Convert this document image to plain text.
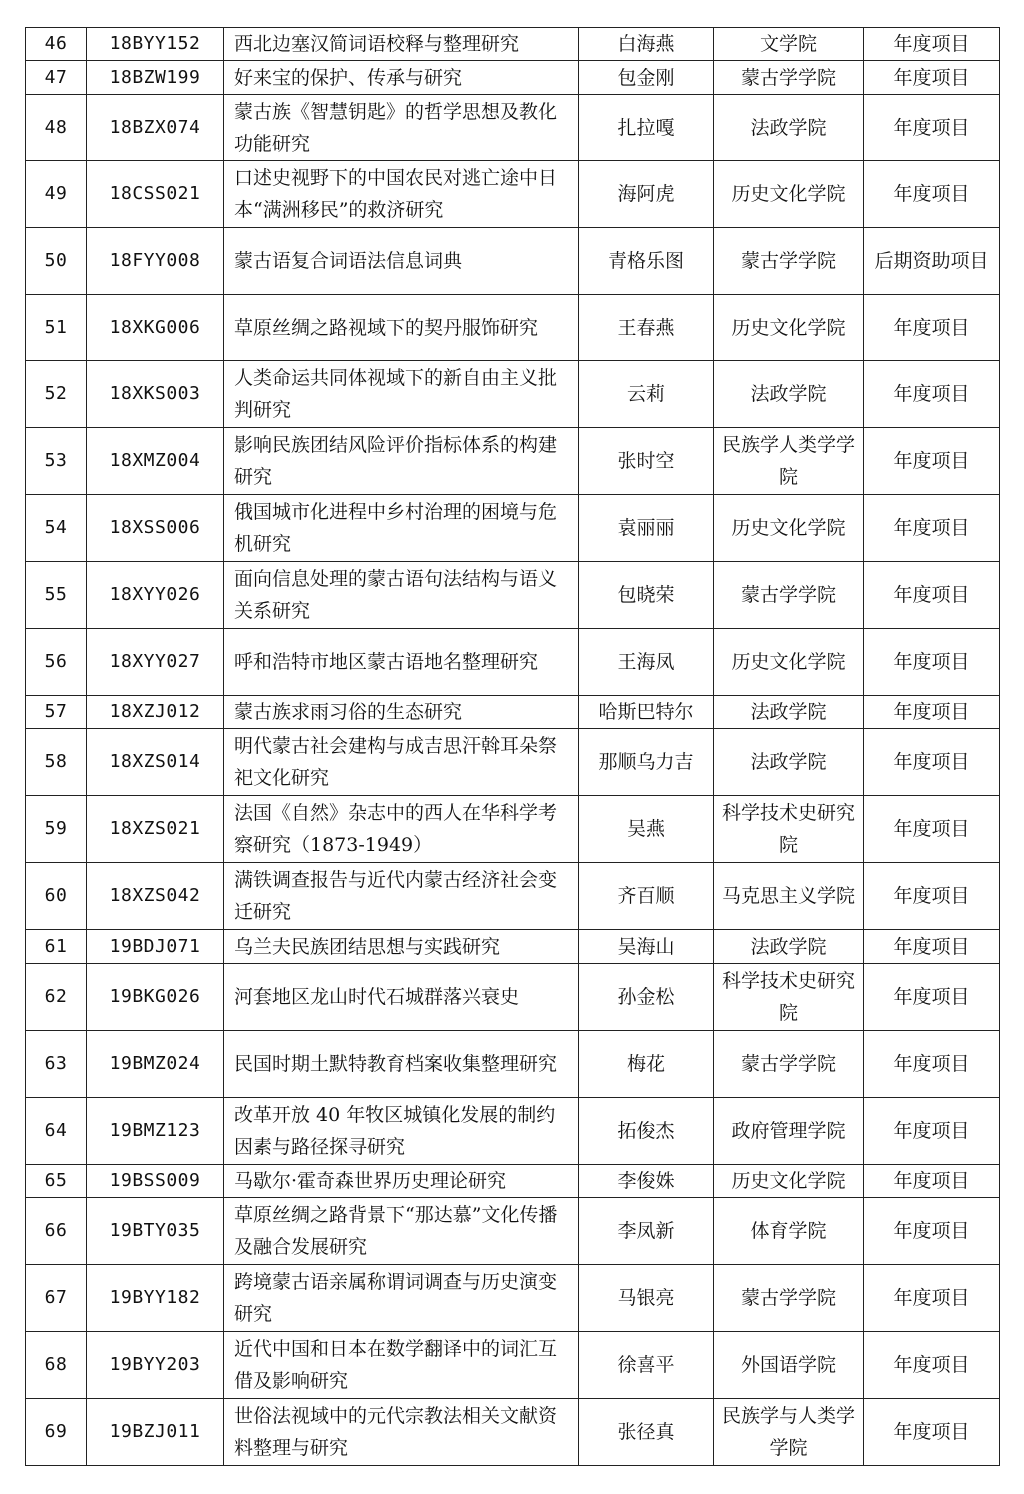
46	18BYY152	西北边塞汉简词语校释与整理研究	白海燕	文学院	年度项目
47	18BZW199	好来宝的保护、传承与研究	包金刚	蒙古学学院	年度项目
48	18BZX074	蒙古族《智慧钥匙》的哲学思想及教化功能研究	扎拉嘎	法政学院	年度项目
49	18CSS021	口述史视野下的中国农民对逃亡途中日本“满洲移民”的救济研究	海阿虎	历史文化学院	年度项目
50	18FYY008	蒙古语复合词语法信息词典	青格乐图	蒙古学学院	后期资助项目
51	18XKG006	草原丝绸之路视域下的契丹服饰研究	王春燕	历史文化学院	年度项目
52	18XKS003	人类命运共同体视域下的新自由主义批判研究	云莉	法政学院	年度项目
53	18XMZ004	影响民族团结风险评价指标体系的构建研究	张时空	民族学人类学学院	年度项目
54	18XSS006	俄国城市化进程中乡村治理的困境与危机研究	袁丽丽	历史文化学院	年度项目
55	18XYY026	面向信息处理的蒙古语句法结构与语义关系研究	包晓荣	蒙古学学院	年度项目
56	18XYY027	呼和浩特市地区蒙古语地名整理研究	王海凤	历史文化学院	年度项目
57	18XZJ012	蒙古族求雨习俗的生态研究	哈斯巴特尔	法政学院	年度项目
58	18XZS014	明代蒙古社会建构与成吉思汗斡耳朵祭祀文化研究	那顺乌力吉	法政学院	年度项目
59	18XZS021	法国《自然》杂志中的西人在华科学考察研究（1873-1949）	吴燕	科学技术史研究院	年度项目
60	18XZS042	满铁调查报告与近代内蒙古经济社会变迁研究	齐百顺	马克思主义学院	年度项目
61	19BDJ071	乌兰夫民族团结思想与实践研究	吴海山	法政学院	年度项目
62	19BKG026	河套地区龙山时代石城群落兴衰史	孙金松	科学技术史研究院	年度项目
63	19BMZ024	民国时期土默特教育档案收集整理研究	梅花	蒙古学学院	年度项目
64	19BMZ123	改革开放 40 年牧区城镇化发展的制约因素与路径探寻研究	拓俊杰	政府管理学院	年度项目
65	19BSS009	马歇尔·霍奇森世界历史理论研究	李俊姝	历史文化学院	年度项目
66	19BTY035	草原丝绸之路背景下“那达慕”文化传播及融合发展研究	李凤新	体育学院	年度项目
67	19BYY182	跨境蒙古语亲属称谓词调查与历史演变研究	马银亮	蒙古学学院	年度项目
68	19BYY203	近代中国和日本在数学翻译中的词汇互借及影响研究	徐喜平	外国语学院	年度项目
69	19BZJ011	世俗法视域中的元代宗教法相关文献资料整理与研究	张径真	民族学与人类学学院	年度项目
